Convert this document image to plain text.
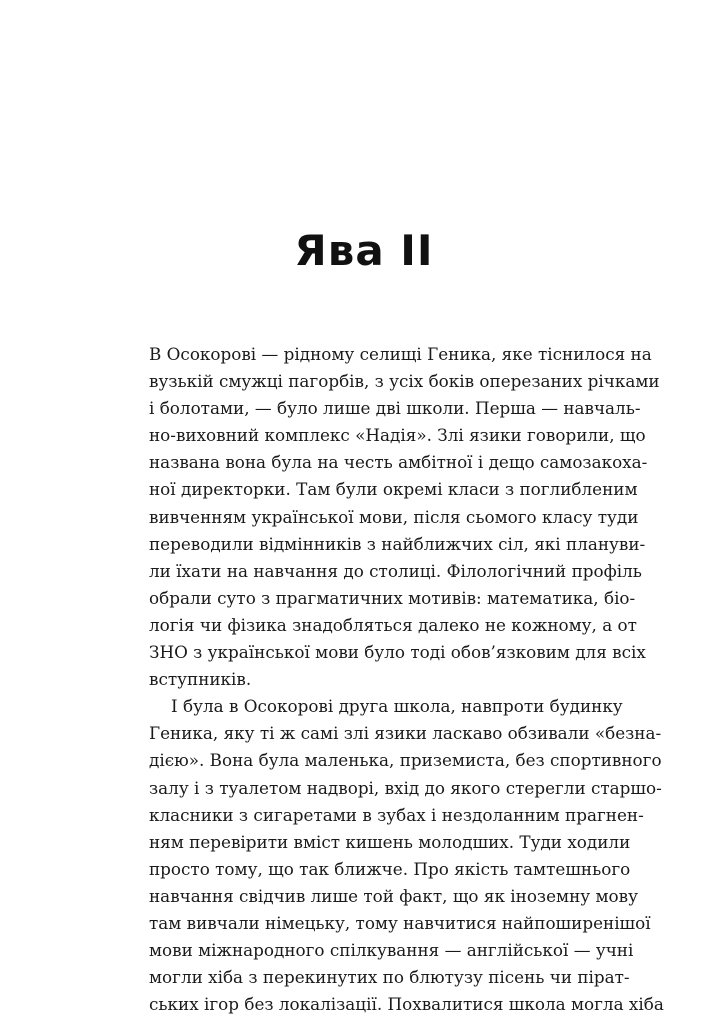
Ява II
В Осокорові — рідному селищі Геника, яке тіснилося на
вузькій смужці пагорбів, з усіх боків оперезаних річками
і болотами, — було лише дві школи. Перша — навчаль-
но-виховний комплекс «Надія». Злі язики говорили, що
названа вона була на честь амбітної і дещо самозакоха-
ної директорки. Там були окремі класи з поглибленим
вивченням української мови, після сьомого класу туди
переводили відмінників з найближчих сіл, які плануви-
ли їхати на навчання до столиці. Філологічний профіль
обрали суто з прагматичних мотивів: математика, біо-
логія чи фізика знадобляться далеко не кожному, а от
ЗНО з української мови було тоді обов’язковим для всіх
вступників.
І була в Осокорові друга школа, навпроти будинку
Геника, яку ті ж самі злі язики ласкаво обзивали «безна-
дією». Вона була маленька, приземиста, без спортивного
залу і з туалетом надворі, вхід до якого стерегли старшо-
класники з сигаретами в зубах і нездоланним прагнен-
ням перевірити вміст кишень молодших. Туди ходили
просто тому, що так ближче. Про якість тамтешнього
навчання свідчив лише той факт, що як іноземну мову
там вивчали німецьку, тому навчитися найпоширенішої
мови міжнародного спілкування — англійської — учні
могли хіба з перекинутих по блютузу пісень чи пірат-
ських ігор без локалізації. Похвалитися школа могла хіба
